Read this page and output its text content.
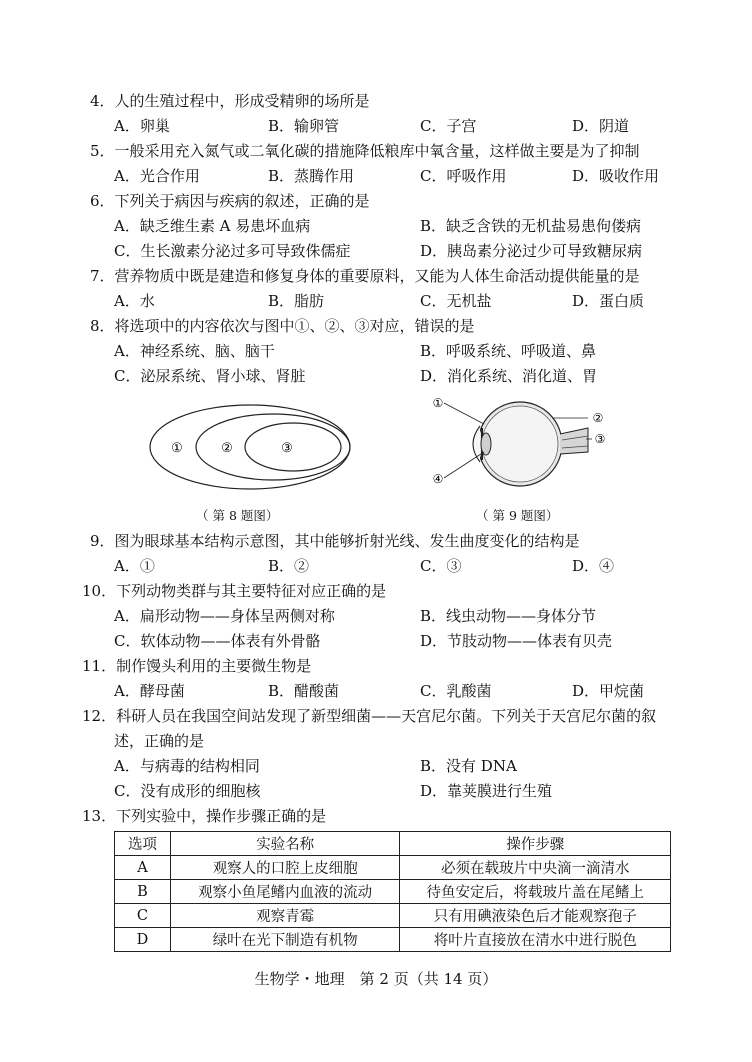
4．人的生殖过程中，形成受精卵的场所是
A．卵巢	B．输卵管	C．子宫	D．阴道
5．一般采用充入氮气或二氧化碳的措施降低粮库中氧含量，这样做主要是为了抑制
A．光合作用	B．蒸腾作用	C．呼吸作用	D．吸收作用
6．下列关于病因与疾病的叙述，正确的是
A．缺乏维生素 A 易患坏血病	B．缺乏含铁的无机盐易患佝偻病
C．生长激素分泌过多可导致侏儒症	D．胰岛素分泌过少可导致糖尿病
7．营养物质中既是建造和修复身体的重要原料，又能为人体生命活动提供能量的是
A．水	B．脂肪	C．无机盐	D．蛋白质
8．将选项中的内容依次与图中①、②、③对应，错误的是
A．神经系统、脑、脑干	B．呼吸系统、呼吸道、鼻
C．泌尿系统、肾小球、肾脏	D．消化系统、消化道、胃
①	②	③
（ 第 8 题图）
①
②
③
④
（ 第 9 题图）
9．图为眼球基本结构示意图，其中能够折射光线、发生曲度变化的结构是
A．①	B．②	C．③	D．④
10．下列动物类群与其主要特征对应正确的是
A．扁形动物——身体呈两侧对称	B．线虫动物——身体分节
C．软体动物——体表有外骨骼	D．节肢动物——体表有贝壳
11．制作馒头利用的主要微生物是
A．酵母菌	B．醋酸菌	C．乳酸菌	D．甲烷菌
12．科研人员在我国空间站发现了新型细菌——天宫尼尔菌。下列关于天宫尼尔菌的叙
述，正确的是
A．与病毒的结构相同	B．没有 DNA
C．没有成形的细胞核	D．靠荚膜进行生殖
13．下列实验中，操作步骤正确的是
选项	实验名称	操作步骤
A	观察人的口腔上皮细胞	必须在载玻片中央滴一滴清水
B	观察小鱼尾鳍内血液的流动	待鱼安定后，将载玻片盖在尾鳍上
C	观察青霉	只有用碘液染色后才能观察孢子
D	绿叶在光下制造有机物	将叶片直接放在清水中进行脱色
生物学・地理　第 2 页（共 14 页）
